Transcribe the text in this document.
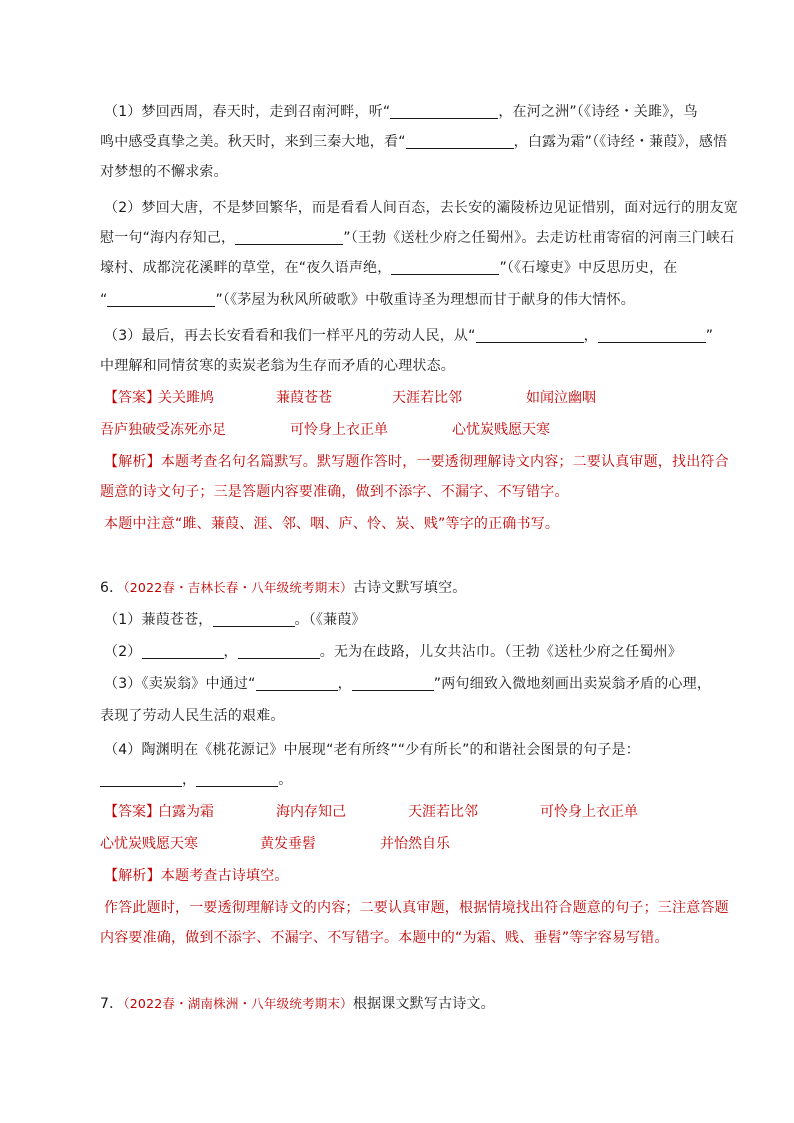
（1）梦回西周，春天时，走到召南河畔，听“	，在河之洲”（《诗经・关雎》，鸟
鸣中感受真挚之美。秋天时，来到三秦大地，看“	，白露为霜”（《诗经・蒹葭》，感悟
对梦想的不懈求索。
（2）梦回大唐，不是梦回繁华，而是看看人间百态，去长安的灞陵桥边见证惜别，面对远行的朋友宽
慰一句“海内存知己，	”（王勃《送杜少府之任蜀州》。去走访杜甫寄宿的河南三门峡石
壕村、成都浣花溪畔的草堂，在“夜久语声绝，	”（《石壕吏》中反思历史，在
“	”（《茅屋为秋风所破歌》中敬重诗圣为理想而甘于献身的伟大情怀。
（3）最后，再去长安看看和我们一样平凡的劳动人民，从“	，	”
中理解和同情贫寒的卖炭老翁为生存而矛盾的心理状态。
【答案】
关关雎鸠	蒹葭苍苍	天涯若比邻	如闻泣幽咽
吾庐独破受冻死亦足	可怜身上衣正单	心忧炭贱愿天寒
【解析】本题考查名句名篇默写。默写题作答时，一要透彻理解诗文内容；二要认真审题，找出符合
题意的诗文句子；三是答题内容要准确，做到不添字、不漏字、不写错字。
本题中注意“雎、蒹葭、涯、邻、咽、庐、怜、炭、贱”等字的正确书写。
6．（2022春・吉林长春・八年级统考期末）古诗文默写填空。
（1）蒹葭苍苍，	。（《蒹葭》
（2）	，	。无为在歧路，儿女共沾巾。（王勃《送杜少府之任蜀州》
（3）《卖炭翁》中通过“	，	”两句细致入微地刻画出卖炭翁矛盾的心理，
表现了劳动人民生活的艰难。
（4）陶渊明在《桃花源记》中展现“老有所终”“少有所长”的和谐社会图景的句子是：
，	。
【答案】
白露为霜	海内存知己	天涯若比邻	可怜身上衣正单
心忧炭贱愿天寒	黄发垂髫	并怡然自乐
【解析】本题考查古诗填空。
作答此题时，一要透彻理解诗文的内容；二要认真审题，根据情境找出符合题意的句子；三注意答题
内容要准确，做到不添字、不漏字、不写错字。本题中的“为霜、贱、垂髫”等字容易写错。
7．（2022春・湖南株洲・八年级统考期末）根据课文默写古诗文。
